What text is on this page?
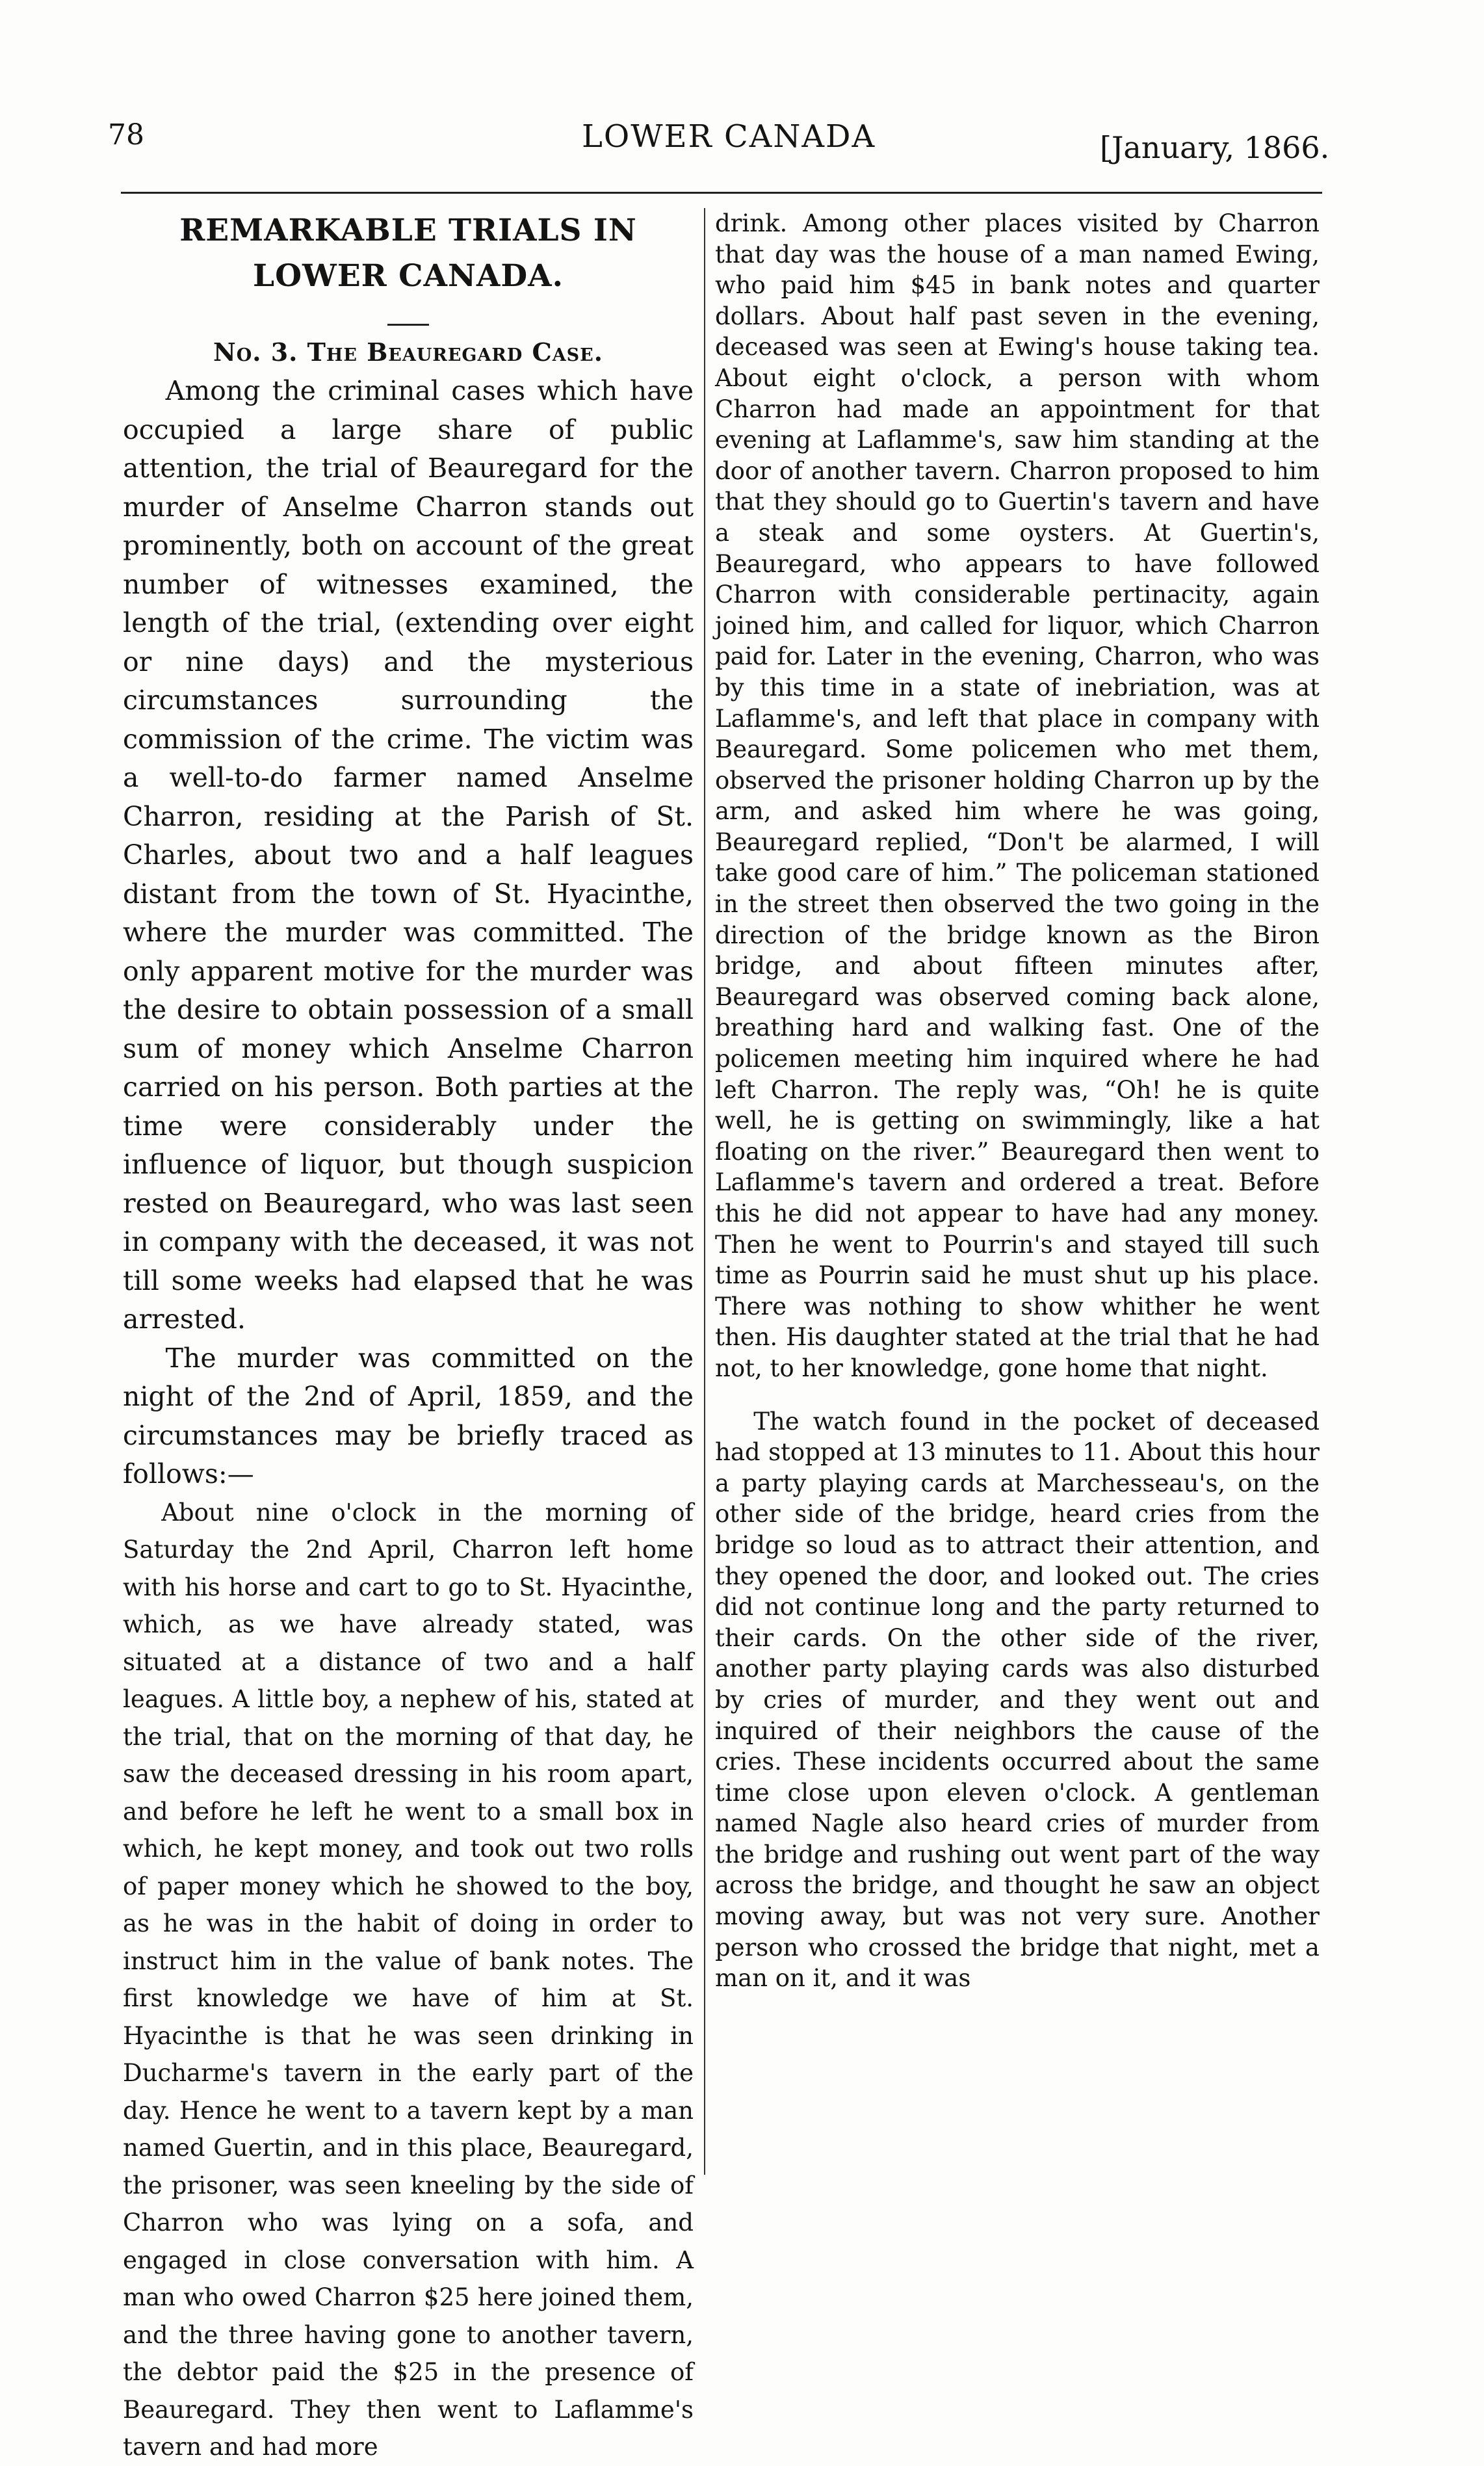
78	LOWER CANADA	[January, 1866.
REMARKABLE TRIALS IN LOWER CANADA.
No. 3. The Beauregard Case.

Among the criminal cases which have occupied a large share of public attention, the trial of Beauregard for the murder of Anselme Charron stands out prominently, both on account of the great number of witnesses examined, the length of the trial, (extending over eight or nine days) and the mysterious circumstances surrounding the commission of the crime. The victim was a well-to-do farmer named Anselme Charron, residing at the Parish of St. Charles, about two and a half leagues distant from the town of St. Hyacinthe, where the murder was committed. The only apparent motive for the murder was the desire to obtain possession of a small sum of money which Anselme Charron carried on his person. Both parties at the time were considerably under the influence of liquor, but though suspicion rested on Beauregard, who was last seen in company with the deceased, it was not till some weeks had elapsed that he was arrested.

The murder was committed on the night of the 2nd of April, 1859, and the circumstances may be briefly traced as follows:—

About nine o'clock in the morning of Saturday the 2nd April, Charron left home with his horse and cart to go to St. Hyacinthe, which, as we have already stated, was situated at a distance of two and a half leagues. A little boy, a nephew of his, stated at the trial, that on the morning of that day, he saw the deceased dressing in his room apart, and before he left he went to a small box in which, he kept money, and took out two rolls of paper money which he showed to the boy, as he was in the habit of doing in order to instruct him in the value of bank notes. The first knowledge we have of him at St. Hyacinthe is that he was seen drinking in Ducharme's tavern in the early part of the day. Hence he went to a tavern kept by a man named Guertin, and in this place, Beauregard, the prisoner, was seen kneeling by the side of Charron who was lying on a sofa, and engaged in close conversation with him. A man who owed Charron $25 here joined them, and the three having gone to another tavern, the debtor paid the $25 in the presence of Beauregard. They then went to Laflamme's tavern and had more

drink. Among other places visited by Charron that day was the house of a man named Ewing, who paid him $45 in bank notes and quarter dollars. About half past seven in the evening, deceased was seen at Ewing's house taking tea. About eight o'clock, a person with whom Charron had made an appointment for that evening at Laflamme's, saw him standing at the door of another tavern. Charron proposed to him that they should go to Guertin's tavern and have a steak and some oysters. At Guertin's, Beauregard, who appears to have followed Charron with considerable pertinacity, again joined him, and called for liquor, which Charron paid for. Later in the evening, Charron, who was by this time in a state of inebriation, was at Laflamme's, and left that place in company with Beauregard. Some policemen who met them, observed the prisoner holding Charron up by the arm, and asked him where he was going, Beauregard replied, “Don't be alarmed, I will take good care of him.” The policeman stationed in the street then observed the two going in the direction of the bridge known as the Biron bridge, and about fifteen minutes after, Beauregard was observed coming back alone, breathing hard and walking fast. One of the policemen meeting him inquired where he had left Charron. The reply was, “Oh! he is quite well, he is getting on swimmingly, like a hat floating on the river.” Beauregard then went to Laflamme's tavern and ordered a treat. Before this he did not appear to have had any money. Then he went to Pourrin's and stayed till such time as Pourrin said he must shut up his place. There was nothing to show whither he went then. His daughter stated at the trial that he had not, to her knowledge, gone home that night.

The watch found in the pocket of deceased had stopped at 13 minutes to 11. About this hour a party playing cards at Marchesseau's, on the other side of the bridge, heard cries from the bridge so loud as to attract their attention, and they opened the door, and looked out. The cries did not continue long and the party returned to their cards. On the other side of the river, another party playing cards was also disturbed by cries of murder, and they went out and inquired of their neighbors the cause of the cries. These incidents occurred about the same time close upon eleven o'clock. A gentleman named Nagle also heard cries of murder from the bridge and rushing out went part of the way across the bridge, and thought he saw an object moving away, but was not very sure. Another person who crossed the bridge that night, met a man on it, and it was
